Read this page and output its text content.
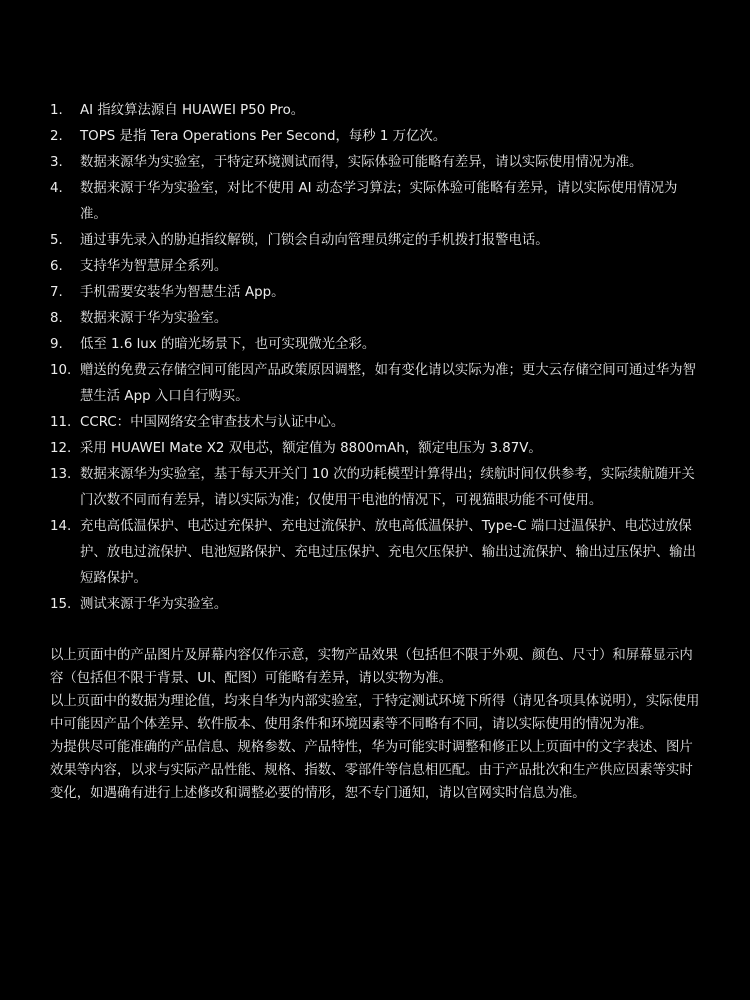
1.	AI 指纹算法源自 HUAWEI P50 Pro。
2.	TOPS 是指 Tera Operations Per Second，每秒 1 万亿次。
3.	数据来源华为实验室，于特定环境测试而得，实际体验可能略有差异，请以实际使用情况为准。
4.	数据来源于华为实验室，对比不使用 AI 动态学习算法；实际体验可能略有差异，请以实际使用情况为准。
5.	通过事先录入的胁迫指纹解锁，门锁会自动向管理员绑定的手机拨打报警电话。
6.	支持华为智慧屏全系列。
7.	手机需要安装华为智慧生活 App。
8.	数据来源于华为实验室。
9.	低至 1.6 lux 的暗光场景下，也可实现微光全彩。
10. 赠送的免费云存储空间可能因产品政策原因调整，如有变化请以实际为准；更大云存储空间可通过华为智慧生活 App 入口自行购买。
11. CCRC：中国网络安全审查技术与认证中心。
12. 采用 HUAWEI Mate X2 双电芯，额定值为 8800mAh，额定电压为 3.87V。
13. 数据来源华为实验室，基于每天开关门 10 次的功耗模型计算得出；续航时间仅供参考，实际续航随开关门次数不同而有差异，请以实际为准；仅使用干电池的情况下，可视猫眼功能不可使用。
14. 充电高低温保护、电芯过充保护、充电过流保护、放电高低温保护、Type-C 端口过温保护、电芯过放保护、放电过流保护、电池短路保护、充电过压保护、充电欠压保护、输出过流保护、输出过压保护、输出短路保护。
15. 测试来源于华为实验室。

以上页面中的产品图片及屏幕内容仅作示意，实物产品效果（包括但不限于外观、颜色、尺寸）和屏幕显示内容（包括但不限于背景、UI、配图）可能略有差异，请以实物为准。

以上页面中的数据为理论值，均来自华为内部实验室，于特定测试环境下所得（请见各项具体说明），实际使用中可能因产品个体差异、软件版本、使用条件和环境因素等不同略有不同，请以实际使用的情况为准。

为提供尽可能准确的产品信息、规格参数、产品特性，华为可能实时调整和修正以上页面中的文字表述、图片效果等内容，以求与实际产品性能、规格、指数、零部件等信息相匹配。由于产品批次和生产供应因素等实时变化，如遇确有进行上述修改和调整必要的情形，恕不专门通知，请以官网实时信息为准。
